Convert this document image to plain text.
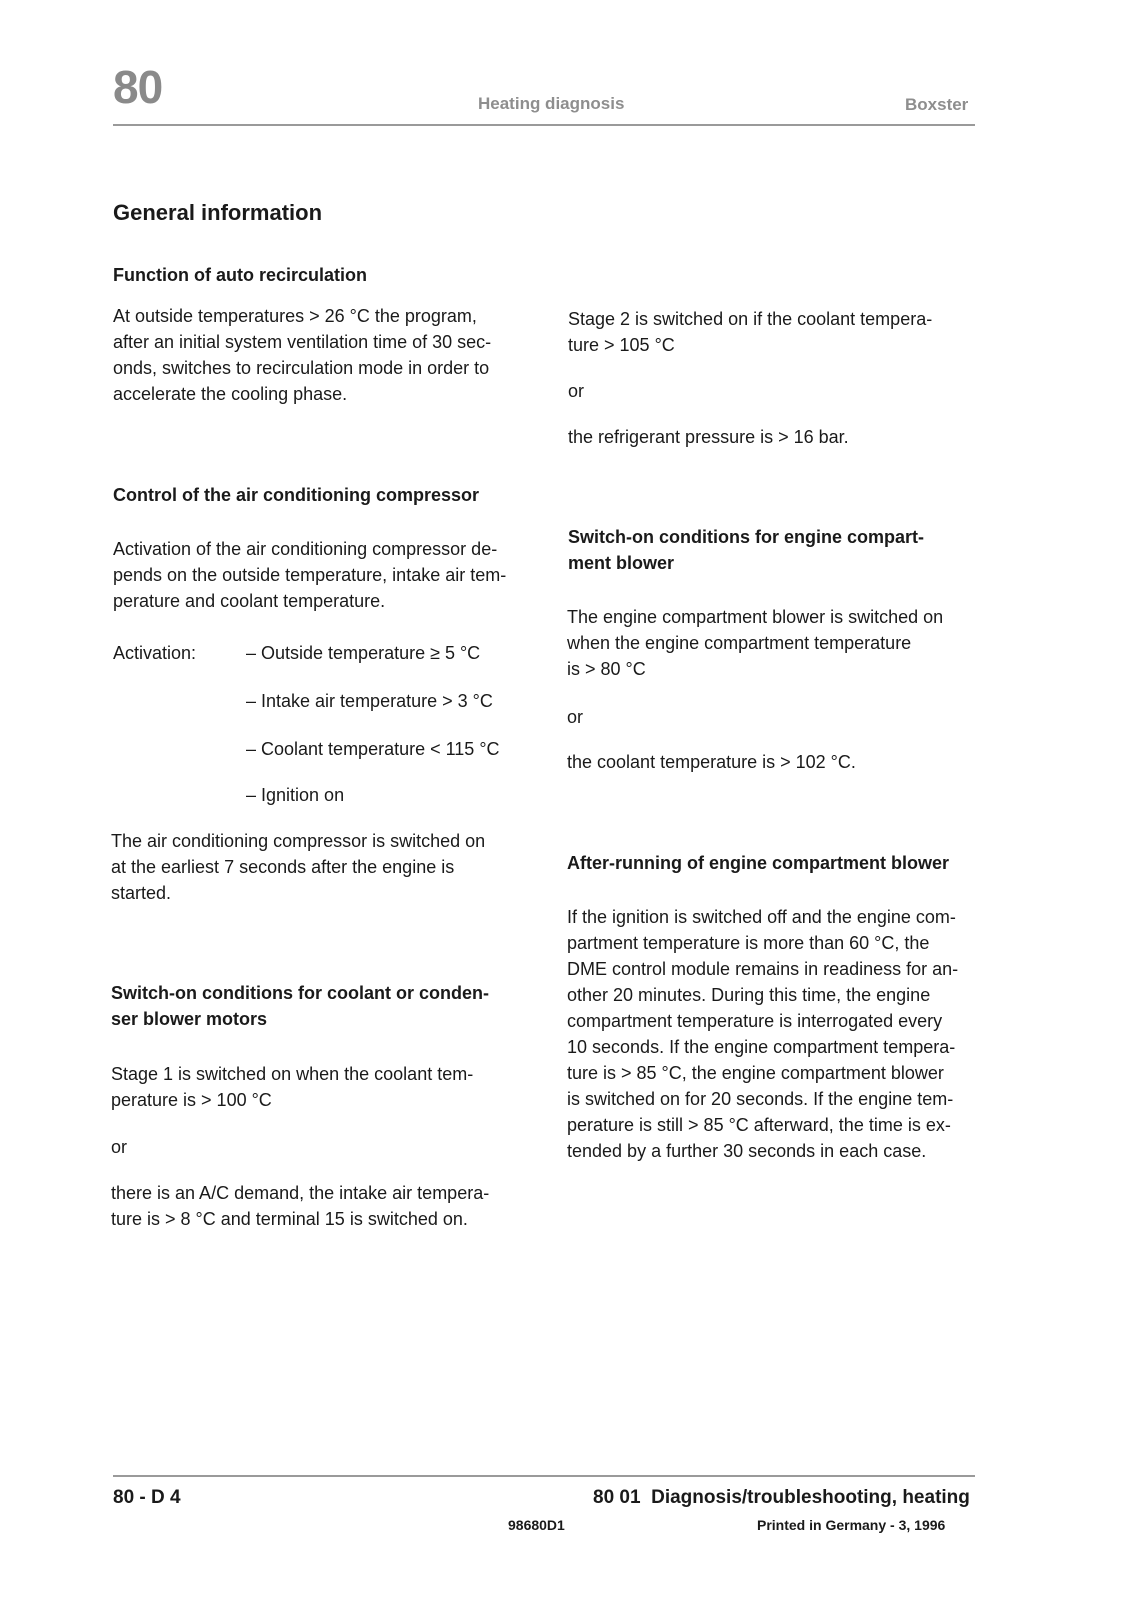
80	Heating diagnosis	Boxster
General information
Function of auto recirculation
At outside temperatures > 26 °C the program,
after an initial system ventilation time of 30 sec-
onds, switches to recirculation mode in order to
accelerate the cooling phase.
Control of the air conditioning compressor
Activation of the air conditioning compressor de-
pends on the outside temperature, intake air tem-
perature and coolant temperature.
Activation:	– Outside temperature ≥ 5 °C
– Intake air temperature > 3 °C
– Coolant temperature < 115 °C
– Ignition on
The air conditioning compressor is switched on
at the earliest 7 seconds after the engine is
started.
Switch-on conditions for coolant or conden-
ser blower motors
Stage 1 is switched on when the coolant tem-
perature is > 100 °C
or
there is an A/C demand, the intake air tempera-
ture is > 8 °C and terminal 15 is switched on.
Stage 2 is switched on if the coolant tempera-
ture > 105 °C
or
the refrigerant pressure is > 16 bar.
Switch-on conditions for engine compart-
ment blower
The engine compartment blower is switched on
when the engine compartment temperature
is > 80 °C
or
the coolant temperature is > 102 °C.
After-running of engine compartment blower
If the ignition is switched off and the engine com-
partment temperature is more than 60 °C, the
DME control module remains in readiness for an-
other 20 minutes. During this time, the engine
compartment temperature is interrogated every
10 seconds. If the engine compartment tempera-
ture is > 85 °C, the engine compartment blower
is switched on for 20 seconds. If the engine tem-
perature is still > 85 °C afterward, the time is ex-
tended by a further 30 seconds in each case.
80 - D 4	80 01  Diagnosis/troubleshooting, heating
98680D1	Printed in Germany - 3, 1996
